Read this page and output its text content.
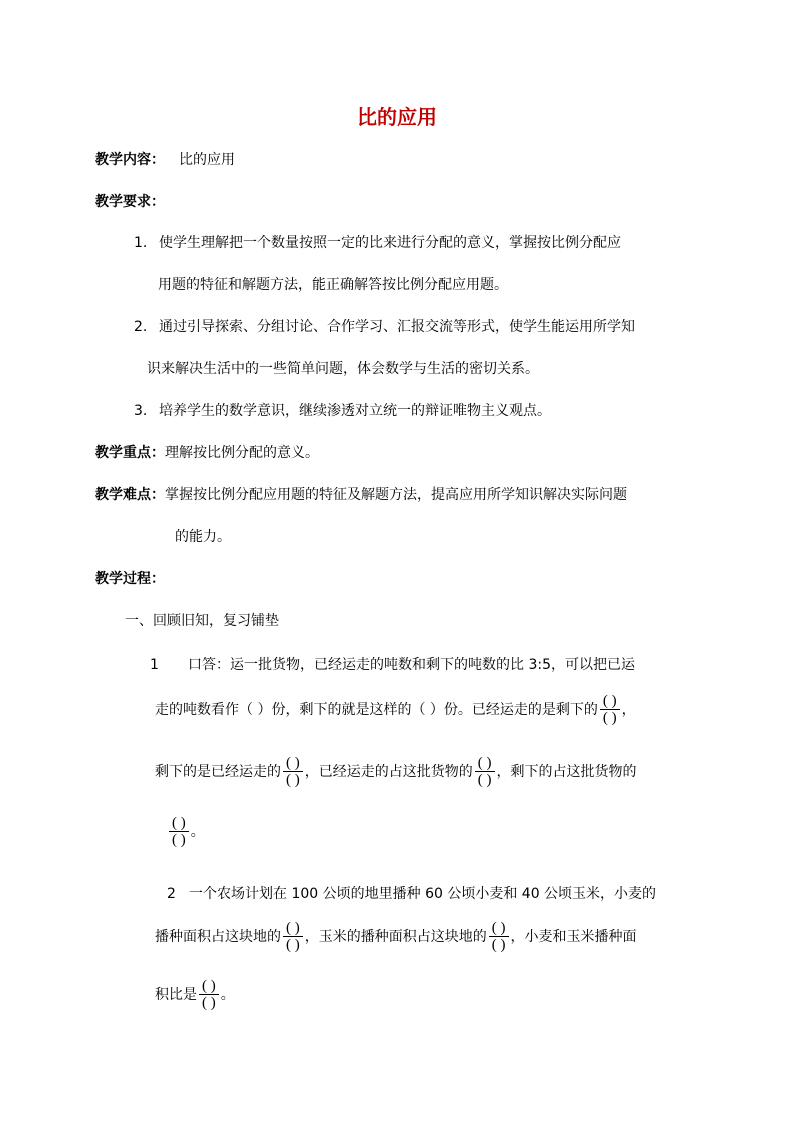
比的应用
教学内容： 比的应用
教学要求：
1. 使学生理解把一个数量按照一定的比来进行分配的意义，掌握按比例分配应
用题的特征和解题方法，能正确解答按比例分配应用题。
2. 通过引导探索、分组讨论、合作学习、汇报交流等形式，使学生能运用所学知
识来解决生活中的一些简单问题，体会数学与生活的密切关系。
3. 培养学生的数学意识，继续渗透对立统一的辩证唯物主义观点。
教学重点：理解按比例分配的意义。
教学难点：掌握按比例分配应用题的特征及解题方法，提高应用所学知识解决实际问题
的能力。
教学过程：
一、回顾旧知，复习铺垫
1 口答：运一批货物，已经运走的吨数和剩下的吨数的比 3:5，可以把已运
走的吨数看作（ ）份，剩下的就是这样的（ ）份。已经运走的是剩下的 $\frac{( )}{( )}$ ，
剩下的是已经运走的 $\frac{( )}{( )}$ ，已经运走的占这批货物的 $\frac{( )}{( )}$ ，剩下的占这批货物的
$\frac{( )}{( )}$ 。
2 一个农场计划在 100 公顷的地里播种 60 公顷小麦和 40 公顷玉米，小麦的
播种面积占这块地的 $\frac{( )}{( )}$ ，玉米的播种面积占这块地的 $\frac{( )}{( )}$ ，小麦和玉米播种面
积比是 $\frac{( )}{( )}$ 。
